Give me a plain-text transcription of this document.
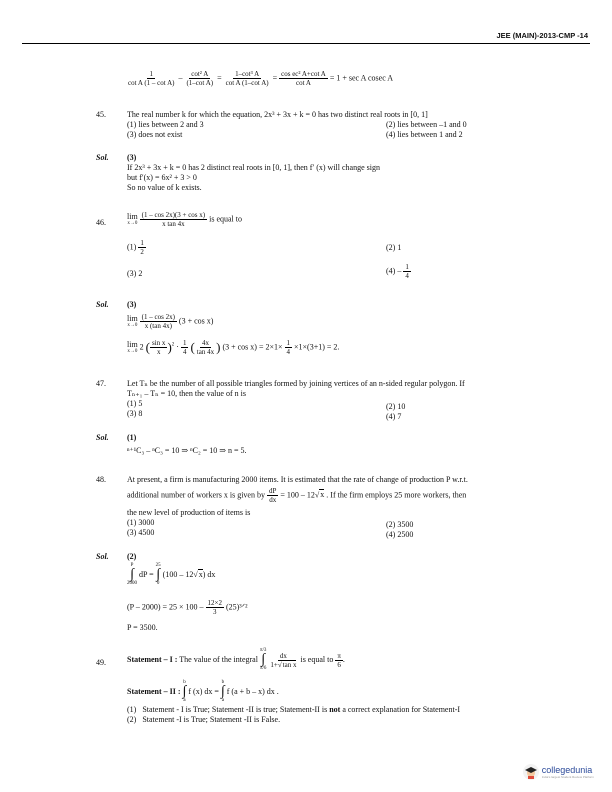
JEE (MAIN)-2013-CMP -14
$\frac{1}{\text{cot A (1 – cot A)}} - \frac{\text{cot² A}}{\text{(1–cot A)}} = \frac{\text{1–cot³ A}}{\text{cot A (1–cot A)}} = \frac{\text{cos ec² A+cot A}}{\text{cot A}} = 1 + \sec A$ cosec A
45.	The real number k for which the equation, 2x³ + 3x + k = 0 has two distinct real roots in [0, 1]
(1) lies between 2 and 3	(2) lies between –1 and 0
(3) does not exist	(4) lies between 1 and 2
Sol. (3)
If 2x³ + 3x + k = 0 has 2 distinct real roots in [0, 1], then f′ (x) will change sign
but f′(x) = 6x² + 3 > 0
So no value of k exists.
46.
lim
x→0
$\frac{\text{(1 – cos 2x)(3 + cos x)}}{\text{x tan 4x}}$ is equal to
$(1) \frac{1}{2}$	(2) 1
(3) 2	$(4) - \frac{1}{4}$
Sol. (3)
lim
x→0
$\frac{(1 - \cos 2x)}{x (\tan 4x)} (3 + \cos x)$
lim
x→0
2 ( $\frac{\text{sin x}}{x} )^2 \cdot \frac{1}{4}$ ( $\frac{4x}{\tan 4x}$ ) $(3 + \cos x) = 2\times 1\times \frac{1}{4} \times 1\times(3+1) = 2$.
47.	Let Tₙ be the number of all possible triangles formed by joining vertices of an n-sided regular polygon. If
Tₙ₊₁ – Tₙ = 10, then the value of n is
(1) 5	(2) 10
(3) 8	(4) 7
Sol. (1)
ⁿ⁺¹C₃ – ⁿC₃ = 10 ⇒ ⁿC₂ = 10 ⇒ n = 5.
48.	At present, a firm is manufacturing 2000 items. It is estimated that the rate of change of production P w.r.t.
additional number of workers x is given by $\frac{dP}{dx} = 100 - 12√x$ . If the firm employs 25 more workers, then
the new level of production of items is
(1) 3000	(2) 3500
(3) 4500	(4) 2500
Sol. (2)
P
∫
2000
dP =
25
∫
0
(100 – 12√x) dx
$(P - 2000) = 25 \times 100 - \frac{12\times 2}{3}$ (25)³ᐟ²
P = 3500.
49.	Statement – I : The value of the integral
π/3
∫
π/6
$\frac{dx}{\text{1+√tan x}}$ is equal to $\frac{\pi}{6}$ .
Statement – II :
b
∫
a
f (x) dx =
b
∫
a
f (a + b – x) dx .
(1) Statement - I is True; Statement -II is true; Statement-II is not a correct explanation for Statement-I
(2) Statement -I is True; Statement -II is False.
collegedunia
India's largest Student Review Platform
